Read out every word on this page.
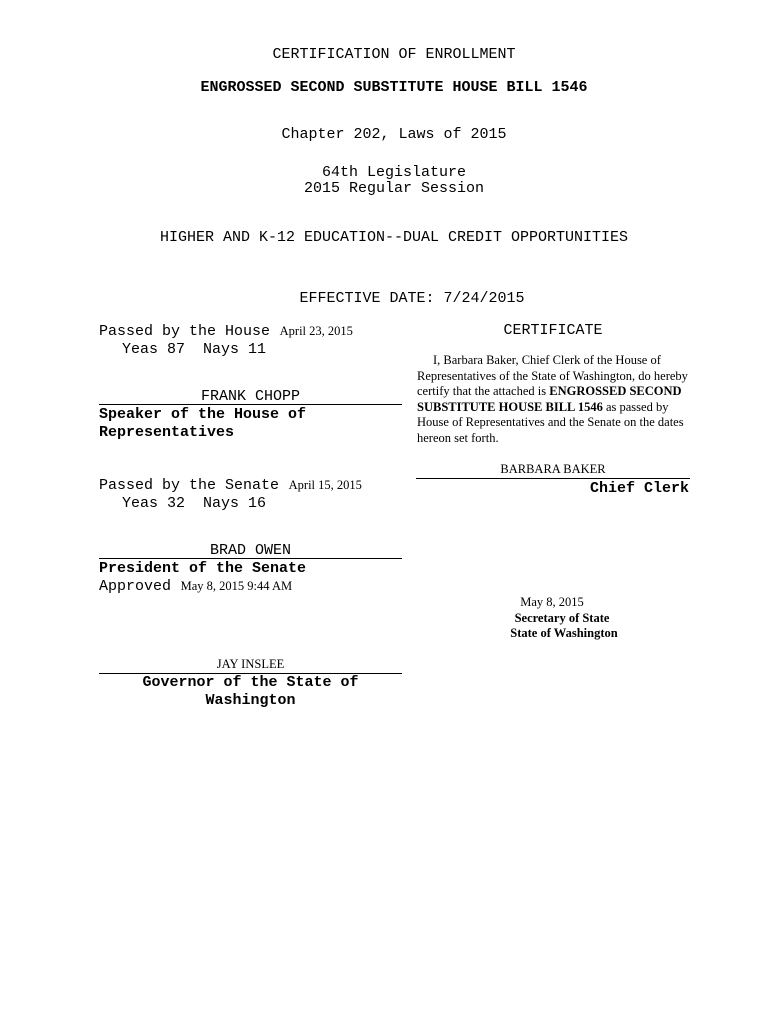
CERTIFICATION OF ENROLLMENT
ENGROSSED SECOND SUBSTITUTE HOUSE BILL 1546
Chapter 202, Laws of 2015
64th Legislature
2015 Regular Session
HIGHER AND K-12 EDUCATION--DUAL CREDIT OPPORTUNITIES
EFFECTIVE DATE: 7/24/2015
Passed by the House April 23, 2015
Yeas 87  Nays 11
FRANK CHOPP
Speaker of the House of
Representatives
Passed by the Senate April 15, 2015
Yeas 32  Nays 16
BRAD OWEN
President of the Senate
Approved May 8, 2015 9:44 AM
JAY INSLEE
Governor of the State of
Washington
CERTIFICATE
I, Barbara Baker, Chief Clerk of the House of Representatives of the State of Washington, do hereby certify that the attached is ENGROSSED SECOND SUBSTITUTE HOUSE BILL 1546 as passed by House of Representatives and the Senate on the dates hereon set forth.
BARBARA BAKER
Chief Clerk
May 8, 2015
Secretary of State
State of Washington
